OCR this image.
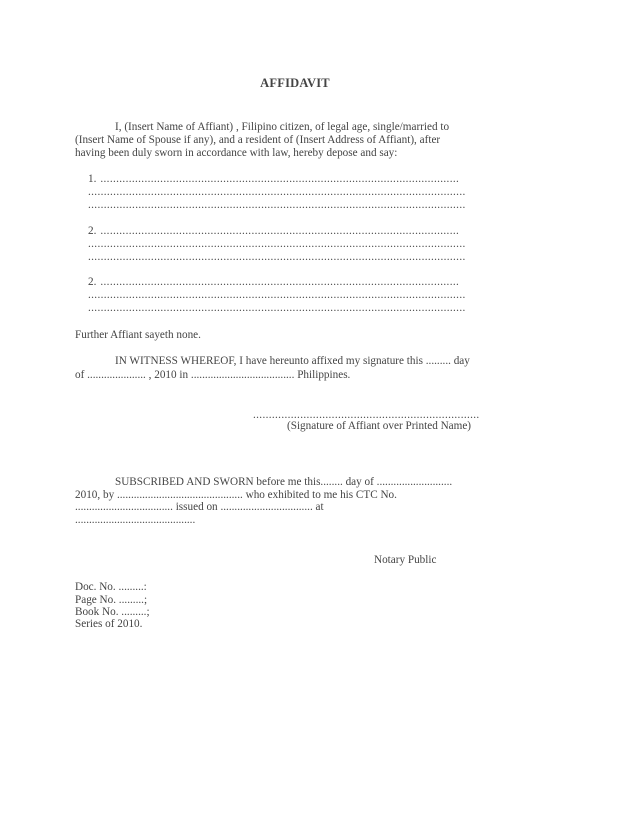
AFFIDAVIT
I, (Insert Name of Affiant) , Filipino citizen, of legal age, single/married to
(Insert Name of Spouse if any), and a resident of (Insert Address of Affiant), after
having been duly sworn in accordance with law, hereby depose and say:
1. ..................................................................................................................
........................................................................................................................
........................................................................................................................
2. ..................................................................................................................
........................................................................................................................
........................................................................................................................
2. ..................................................................................................................
........................................................................................................................
........................................................................................................................
Further Affiant sayeth none.
IN WITNESS WHEREOF, I have hereunto affixed my signature this ......... day
of ..................... , 2010 in ..................................... Philippines.
........................................................................
(Signature of Affiant over Printed Name)
SUBSCRIBED AND SWORN before me this........ day of ...........................
2010, by ............................................. who exhibited to me his CTC No.
................................... issued on ................................. at
...........................................
Notary Public
Doc. No. .........:
Page No. .........;
Book No. .........;
Series of 2010.
